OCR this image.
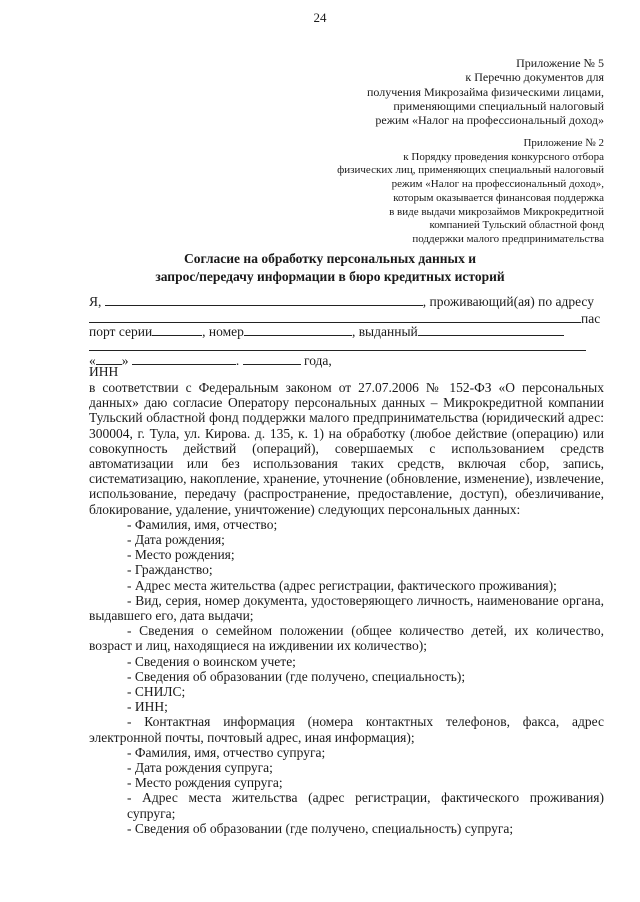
24
Приложение № 5
к Перечню документов для
получения Микрозайма физическими лицами,
применяющими специальный налоговый
режим «Налог на профессиональный доход»
Приложение № 2
к Порядку проведения конкурсного отбора
физических лиц, применяющих специальный налоговый
режим «Налог на профессиональный доход»,
которым оказывается финансовая поддержка
в виде выдачи микрозаймов Микрокредитной
компанией Тульский областной фонд
поддержки малого предпринимательства
Согласие на обработку персональных данных и
запрос/передачу информации в бюро кредитных историй
Я,	, проживающий(ая) по адресу
пас
порт серии	, номер	, выданный
« »	.	года,
ИНН

в соответствии с Федеральным законом от 27.07.2006 № 152-ФЗ «О персональных данных» даю согласие Оператору персональных данных – Микрокредитной компании Тульский областной фонд поддержки малого предпринимательства (юридический адрес: 300004, г. Тула, ул. Кирова. д. 135, к. 1) на обработку (любое действие (операцию) или совокупность действий (операций), совершаемых с использованием средств автоматизации или без использования таких средств, включая сбор, запись, систематизацию, накопление, хранение, уточнение (обновление, изменение), извлечение, использование, передачу (распространение, предоставление, доступ), обезличивание, блокирование, удаление, уничтожение) следующих персональных данных:

- Фамилия, имя, отчество;

- Дата рождения;

- Место рождения;

- Гражданство;

- Адрес места жительства (адрес регистрации, фактического проживания);

- Вид, серия, номер документа, удостоверяющего личность, наименование органа, выдавшего его, дата выдачи;

- Сведения о семейном положении (общее количество детей, их количество, возраст и лиц, находящиеся на иждивении их количество);

- Сведения о воинском учете;

- Сведения об образовании (где получено, специальность);

- СНИЛС;

- ИНН;

- Контактная информация (номера контактных телефонов, факса, адрес электронной почты, почтовый адрес, иная информация);

- Фамилия, имя, отчество супруга;

- Дата рождения супруга;

- Место рождения супруга;

- Адрес места жительства (адрес регистрации, фактического проживания) супруга;

- Сведения об образовании (где получено, специальность) супруга;
